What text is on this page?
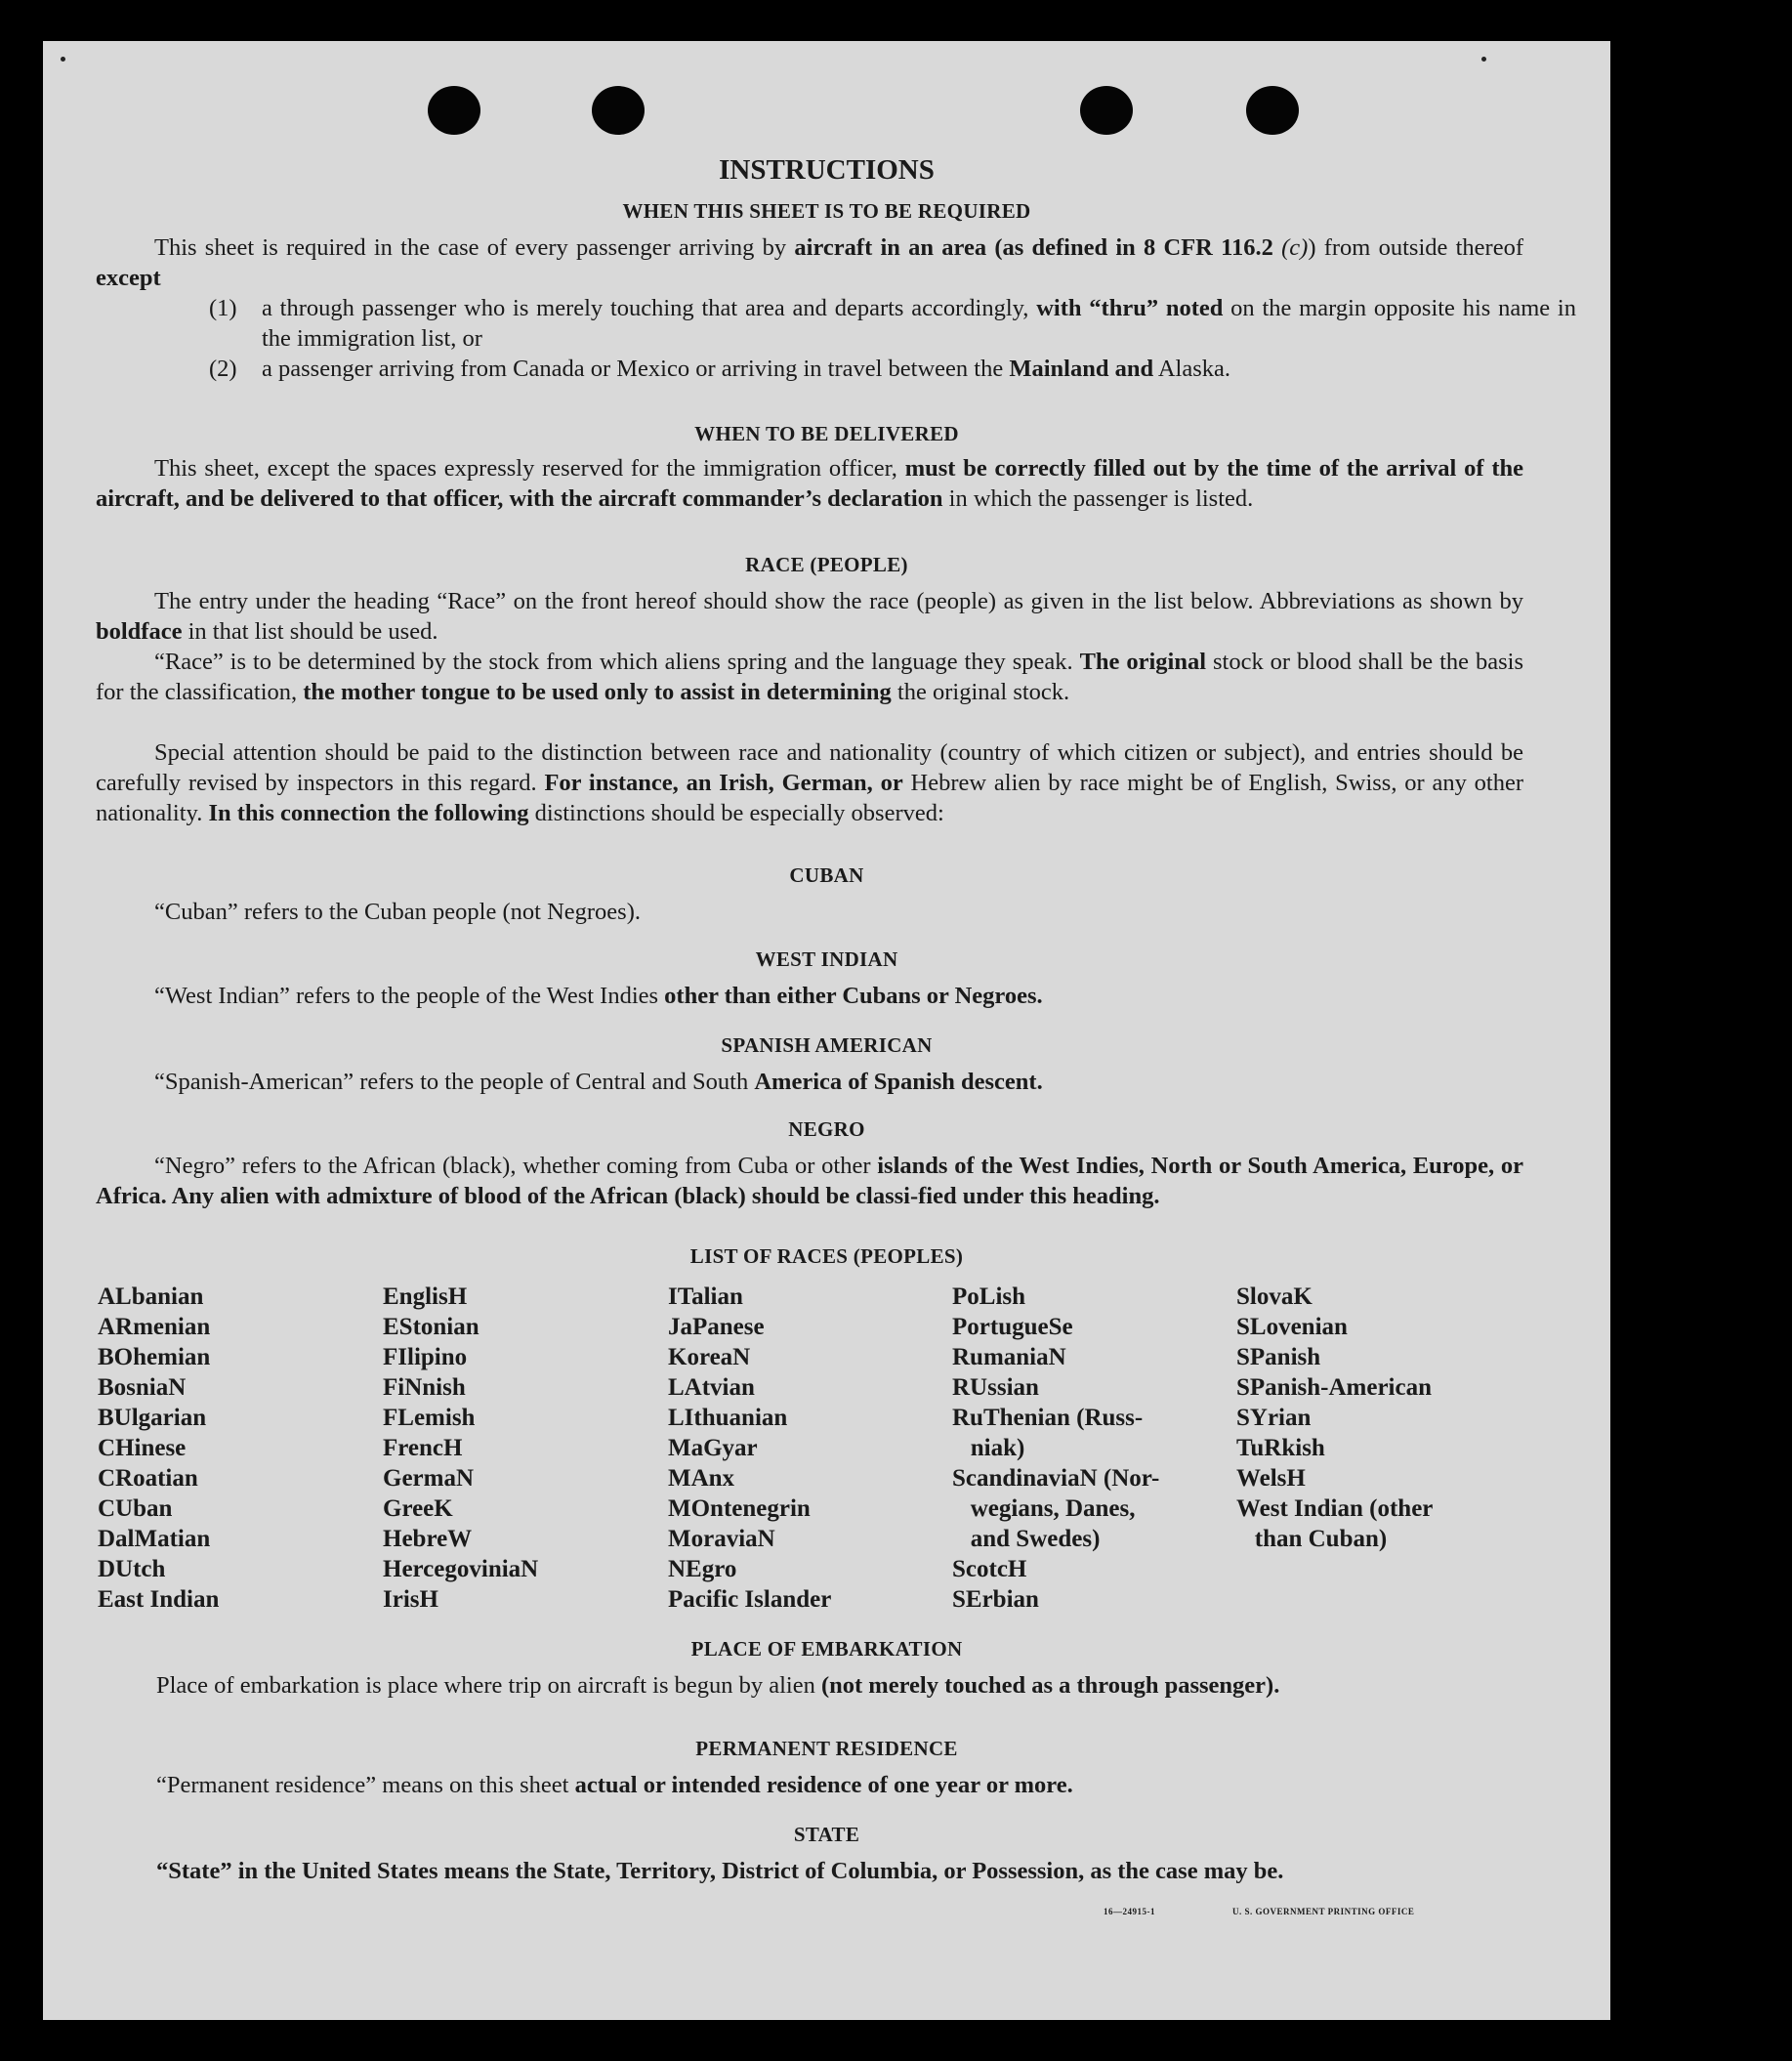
INSTRUCTIONS
WHEN THIS SHEET IS TO BE REQUIRED
This sheet is required in the case of every passenger arriving by aircraft in an area (as defined in 8 CFR 116.2 (c)) from outside thereof except
(1) a through passenger who is merely touching that area and departs accordingly, with “thru” noted on the margin opposite his name in the immigration list, or
(2) a passenger arriving from Canada or Mexico or arriving in travel between the Mainland and Alaska.
WHEN TO BE DELIVERED
This sheet, except the spaces expressly reserved for the immigration officer, must be correctly filled out by the time of the arrival of the aircraft, and be delivered to that officer, with the aircraft commander’s declaration in which the passenger is listed.
RACE (PEOPLE)
The entry under the heading “Race” on the front hereof should show the race (people) as given in the list below. Abbreviations as shown by boldface in that list should be used.
“Race” is to be determined by the stock from which aliens spring and the language they speak. The original stock or blood shall be the basis for the classification, the mother tongue to be used only to assist in determining the original stock.
Special attention should be paid to the distinction between race and nationality (country of which citizen or subject), and entries should be carefully revised by inspectors in this regard. For instance, an Irish, German, or Hebrew alien by race might be of English, Swiss, or any other nationality. In this connection the following distinctions should be especially observed:
CUBAN
“Cuban” refers to the Cuban people (not Negroes).
WEST INDIAN
“West Indian” refers to the people of the West Indies other than either Cubans or Negroes.
SPANISH AMERICAN
“Spanish-American” refers to the people of Central and South America of Spanish descent.
NEGRO
“Negro” refers to the African (black), whether coming from Cuba or other islands of the West Indies, North or South America, Europe, or Africa. Any alien with admixture of blood of the African (black) should be classi-fied under this heading.
LIST OF RACES (PEOPLES)
ALbanian
ARmenian
BOhemian
BosniaN
BUlgarian
CHinese
CRoatian
CUban
DalMatian
DUtch
East Indian
EnglisH
EStonian
FIlipino
FiNnish
FLemish
FrencH
GermaN
GreeK
HebreW
HercegoviniaN
IrisH
ITalian
JaPanese
KoreaN
LAtvian
LIthuanian
MaGyar
MAnx
MOntenegrin
MoraviaN
NEgro
Pacific Islander
PoLish
PortugueSe
RumaniaN
RUssian
RuThenian (Russ-
niak)
ScandinaviaN (Nor-
wegians, Danes,
and Swedes)
ScotcH
SErbian
SlovaK
SLovenian
SPanish
SPanish-American
SYrian
TuRkish
WelsH
West Indian (other
than Cuban)
PLACE OF EMBARKATION
Place of embarkation is place where trip on aircraft is begun by alien (not merely touched as a through passenger).
PERMANENT RESIDENCE
“Permanent residence” means on this sheet actual or intended residence of one year or more.
STATE
“State” in the United States means the State, Territory, District of Columbia, or Possession, as the case may be.
16—24915-1	U. S. GOVERNMENT PRINTING OFFICE
